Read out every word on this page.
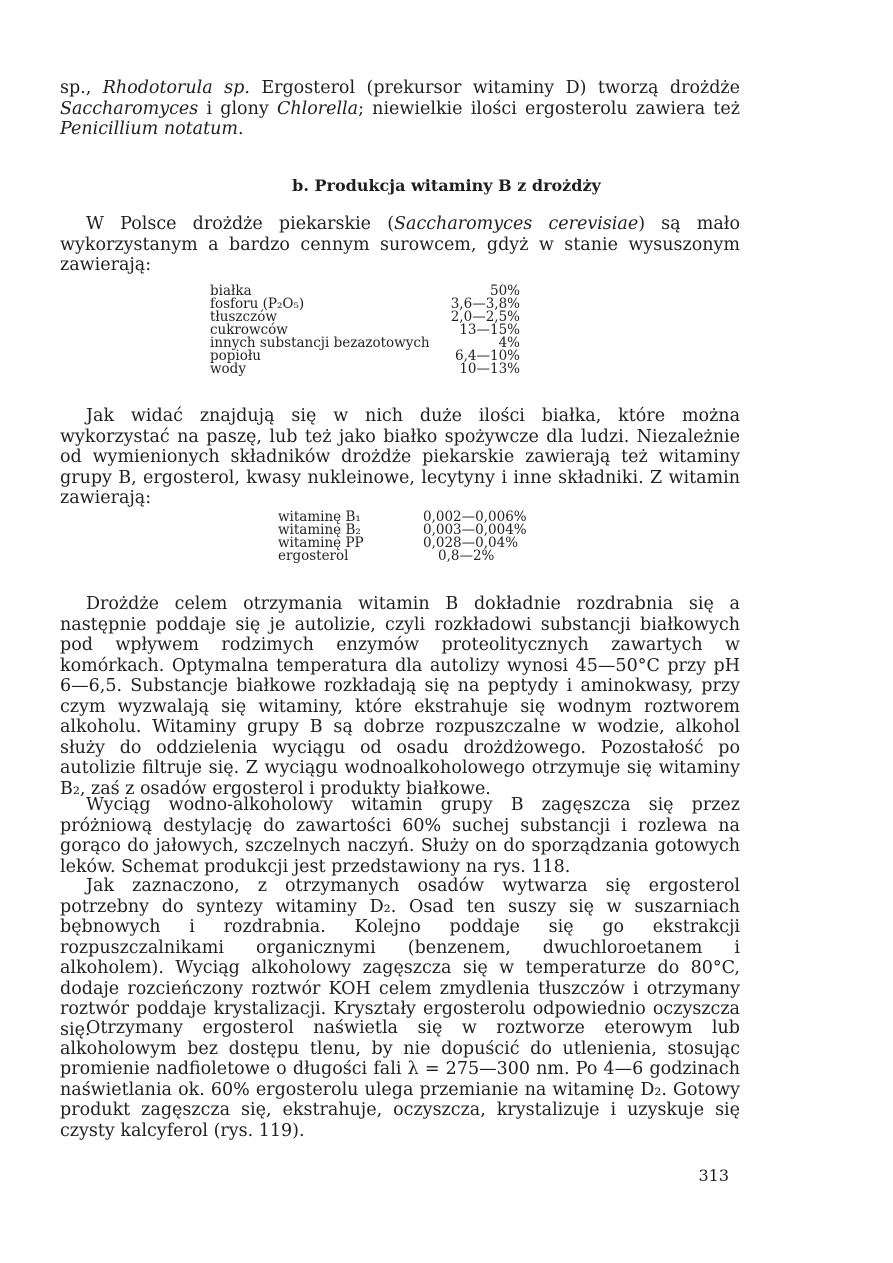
sp., Rhodotorula sp. Ergosterol (prekursor witaminy D) tworzą drożdże Saccharomyces i glony Chlorella; niewielkie ilości ergosterolu zawiera też Penicillium notatum.

b. Produkcja witaminy B z drożdży

W Polsce drożdże piekarskie (Saccharomyces cerevisiae) są mało wykorzystanym a bardzo cennym surowcem, gdyż w stanie wysuszonym zawierają:

białka	50%
fosforu (P₂O₅)	3,6—3,8%
tłuszczów	2,0—2,5%
cukrowców	13—15%
innych substancji bezazotowych	4%
popiołu	6,4—10%
wody	10—13%

Jak widać znajdują się w nich duże ilości białka, które można wykorzystać na paszę, lub też jako białko spożywcze dla ludzi. Niezależnie od wymienionych składników drożdże piekarskie zawierają też witaminy grupy B, ergosterol, kwasy nukleinowe, lecytyny i inne składniki. Z witamin zawierają:

witaminę B₁	0,002—0,006%
witaminę B₂	0,003—0,004%
witaminę PP	0,028—0,04%
ergosterol	0,8—2%

Drożdże celem otrzymania witamin B dokładnie rozdrabnia się a następnie poddaje się je autolizie, czyli rozkładowi substancji białkowych pod wpływem rodzimych enzymów proteolitycznych zawartych w komórkach. Optymalna temperatura dla autolizy wynosi 45—50°C przy pH 6—6,5. Substancje białkowe rozkładają się na peptydy i aminokwasy, przy czym wyzwalają się witaminy, które ekstrahuje się wodnym roztworem alkoholu. Witaminy grupy B są dobrze rozpuszczalne w wodzie, alkohol służy do oddzielenia wyciągu od osadu drożdżowego. Pozostałość po autolizie filtruje się. Z wyciągu wodnoalkoholowego otrzymuje się witaminy B₂, zaś z osadów ergosterol i produkty białkowe.

Wyciąg wodno-alkoholowy witamin grupy B zagęszcza się przez próżniową destylację do zawartości 60% suchej substancji i rozlewa na gorąco do jałowych, szczelnych naczyń. Służy on do sporządzania gotowych leków. Schemat produkcji jest przedstawiony na rys. 118.

Jak zaznaczono, z otrzymanych osadów wytwarza się ergosterol potrzebny do syntezy witaminy D₂. Osad ten suszy się w suszarniach bębnowych i rozdrabnia. Kolejno poddaje się go ekstrakcji rozpuszczalnikami organicznymi (benzenem, dwuchloroetanem i alkoholem). Wyciąg alkoholowy zagęszcza się w temperaturze do 80°C, dodaje rozcieńczony roztwór KOH celem zmydlenia tłuszczów i otrzymany roztwór poddaje krystalizacji. Kryształy ergosterolu odpowiednio oczyszcza się.

Otrzymany ergosterol naświetla się w roztworze eterowym lub alkoholowym bez dostępu tlenu, by nie dopuścić do utlenienia, stosując promienie nadfioletowe o długości fali λ = 275—300 nm. Po 4—6 godzinach naświetlania ok. 60% ergosterolu ulega przemianie na witaminę D₂. Gotowy produkt zagęszcza się, ekstrahuje, oczyszcza, krystalizuje i uzyskuje się czysty kalcyferol (rys. 119).

313
